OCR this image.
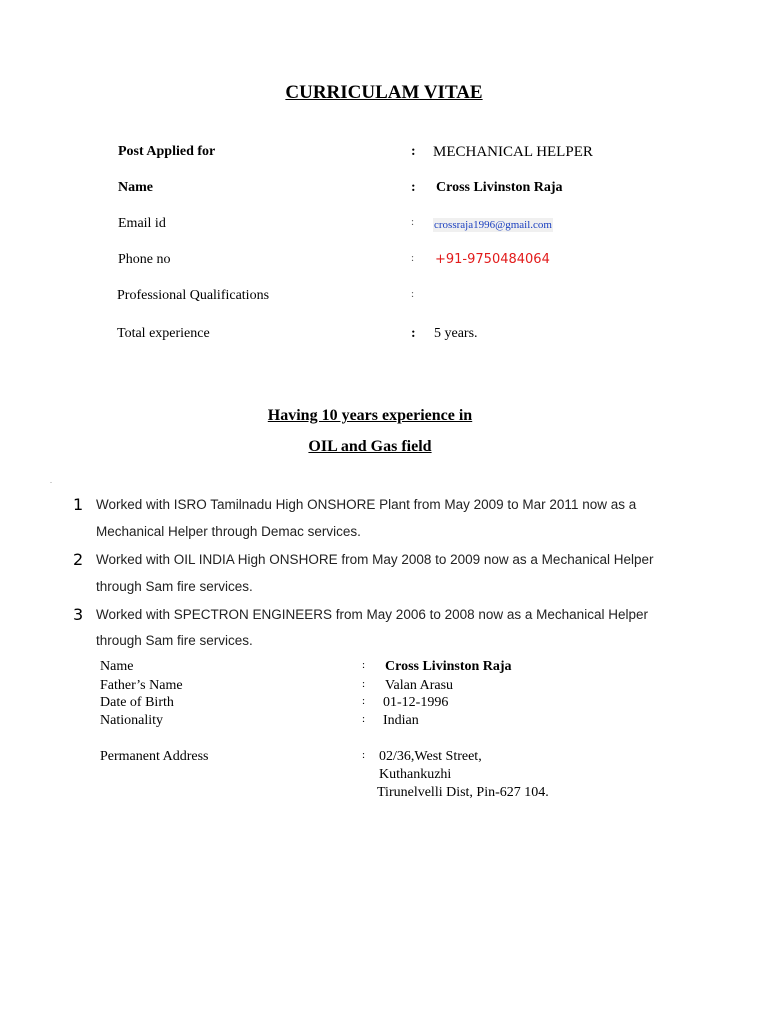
CURRICULAM VITAE
Post Applied for	: MECHANICAL HELPER
Name	: Cross Livinston Raja
Email id	: crossraja1996@gmail.com
Phone no	: +91-9750484064
Professional Qualifications	:
Total experience	: 5 years.
Having 10 years experience in
OIL and Gas field
.
1 Worked with ISRO Tamilnadu High ONSHORE Plant from May 2009 to Mar 2011 now as a
Mechanical Helper through Demac services.
2 Worked with OIL INDIA High ONSHORE from May 2008 to 2009 now as a Mechanical Helper
through Sam fire services.
3 Worked with SPECTRON ENGINEERS from May 2006 to 2008 now as a Mechanical Helper
through Sam fire services.
Name	: Cross Livinston Raja
Father’s Name	: Valan Arasu
Date of Birth	: 01-12-1996
Nationality	: Indian
Permanent Address	: 02/36,West Street,
Kuthankuzhi
Tirunelvelli Dist, Pin-627 104.
